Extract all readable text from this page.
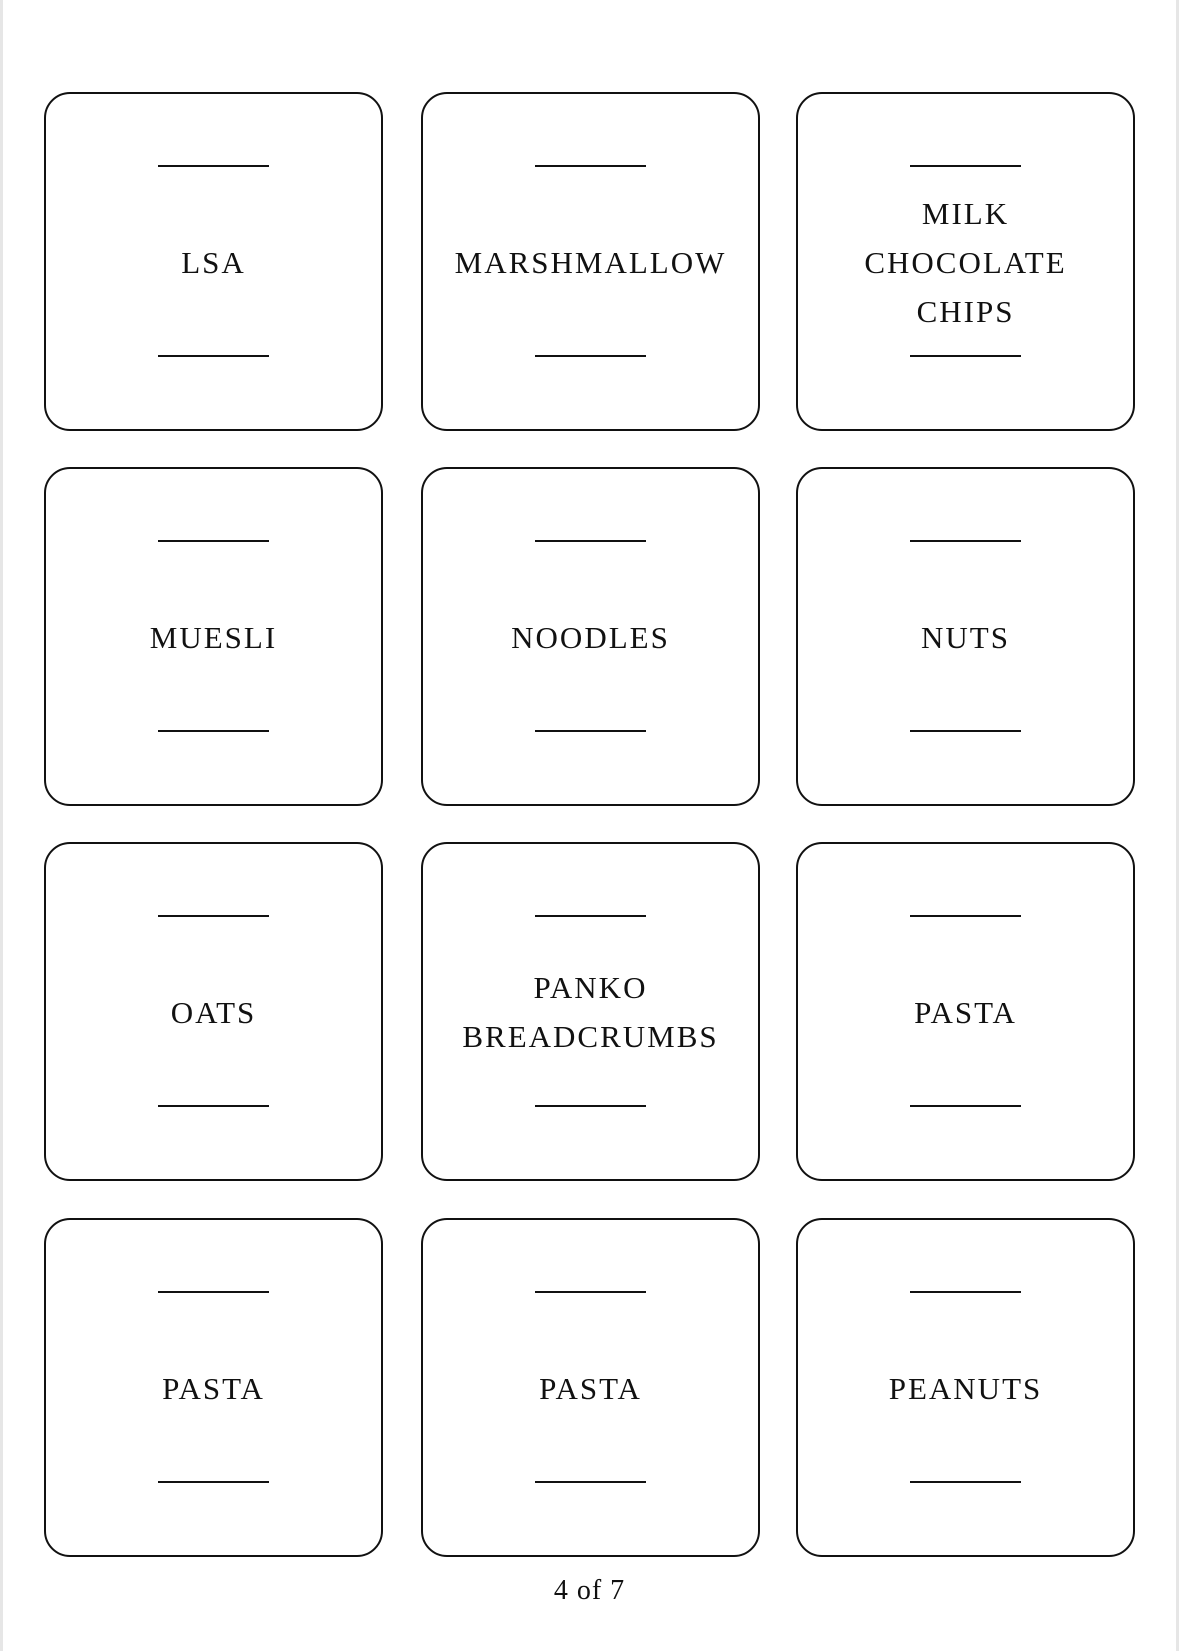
LSA	MARSHMALLOW
MILK
CHOCOLATE
CHIPS
MUESLI	NOODLES	NUTS
OATS
PANKO
BREADCRUMBS
PASTA
PASTA	PASTA	PEANUTS
4 of 7
